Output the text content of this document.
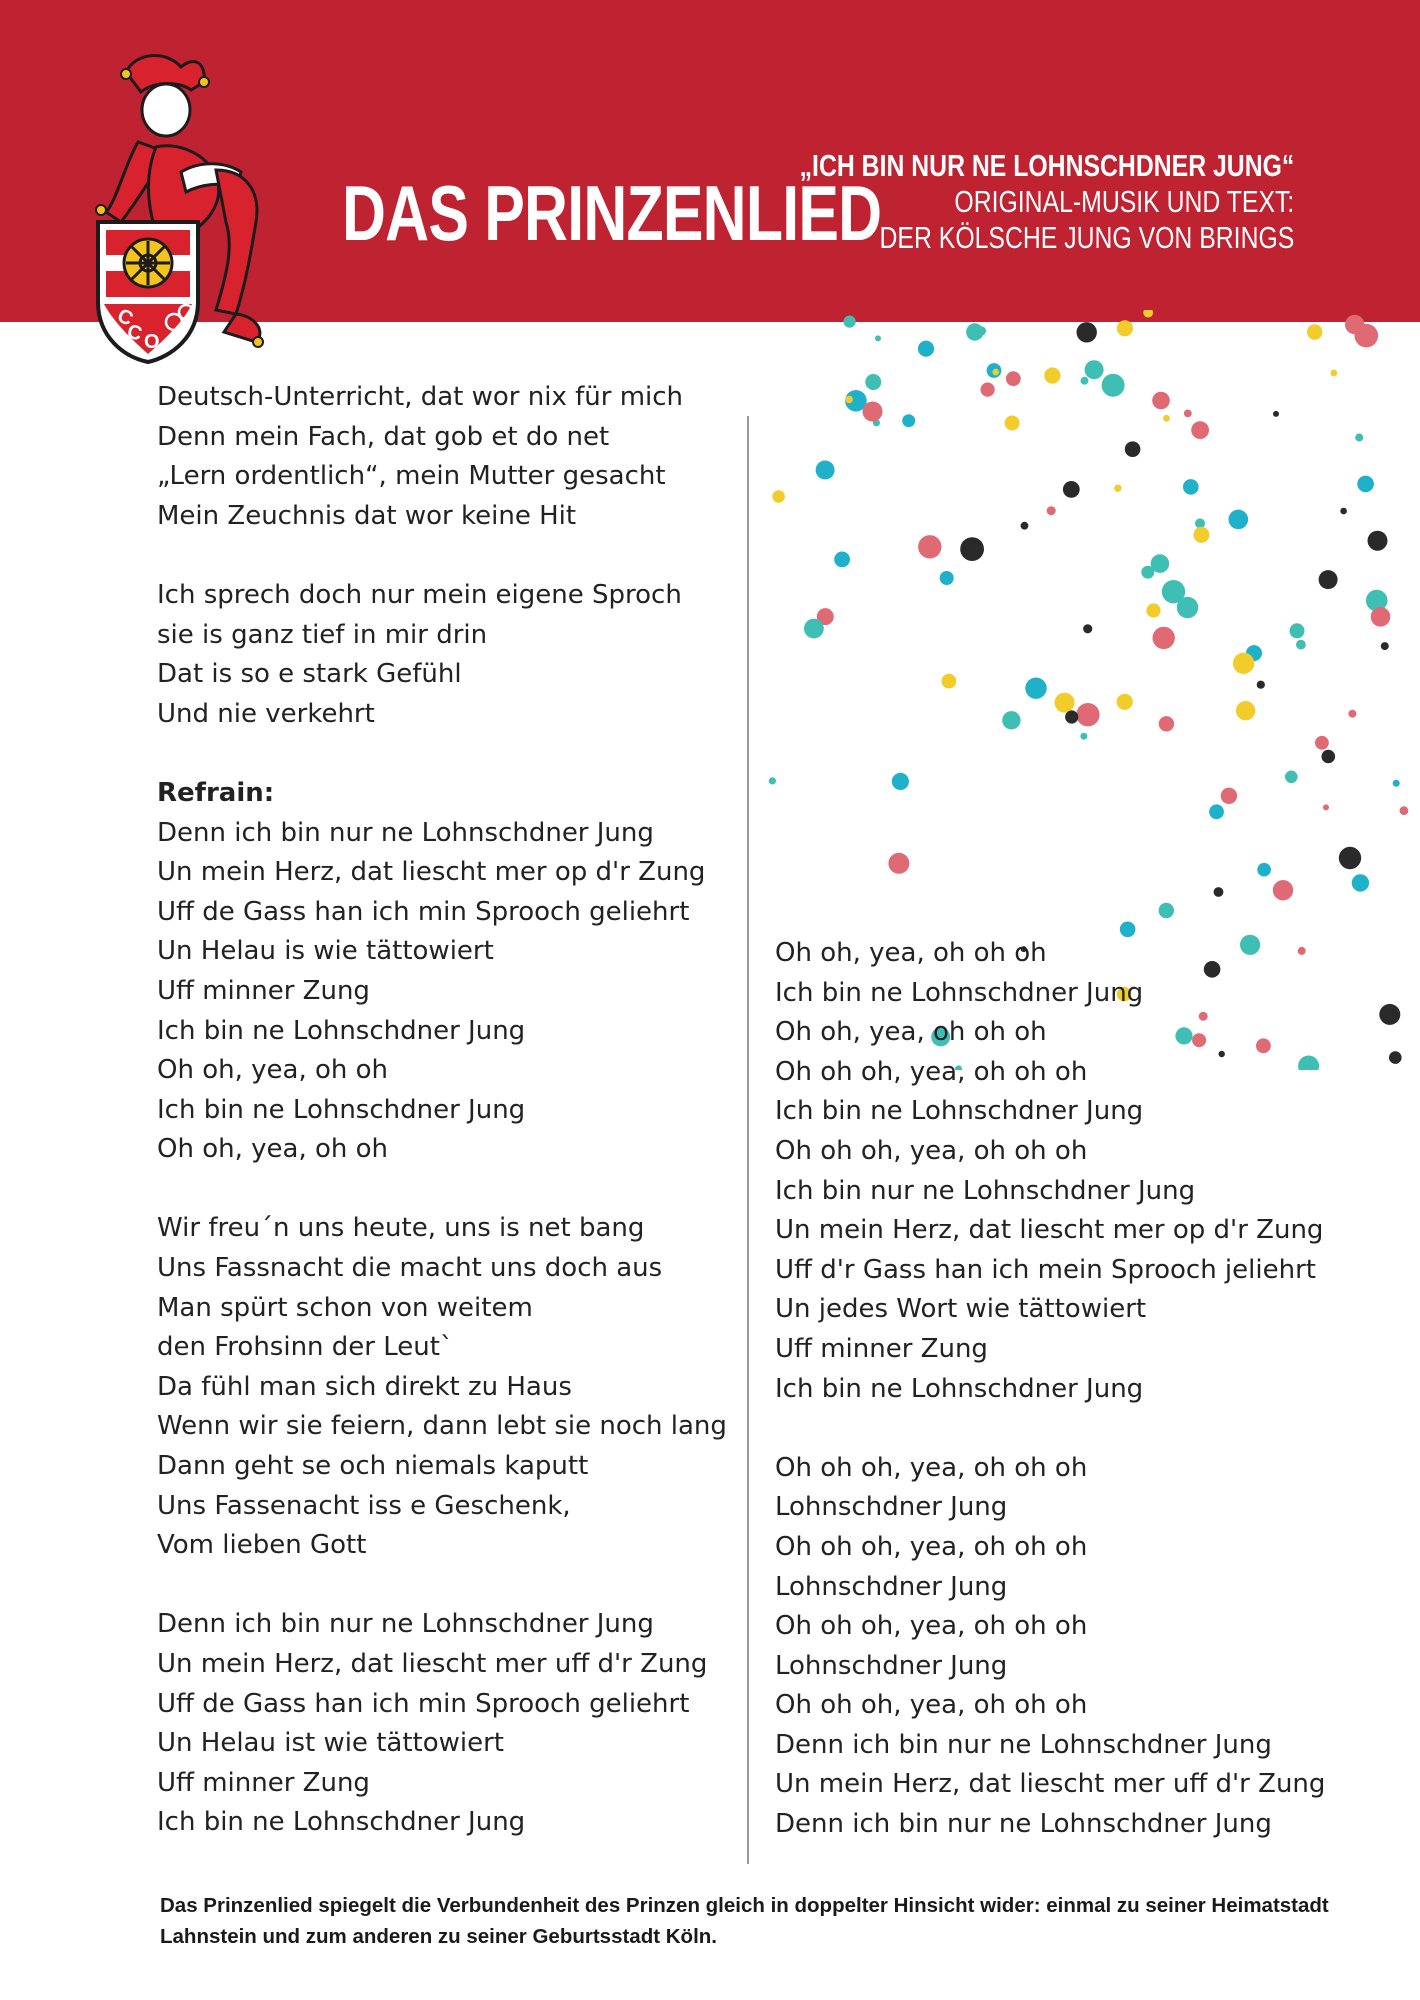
C
C O
DAS PRINZENLIED
„ICH BIN NUR NE LOHNSCHDNER JUNG“
ORIGINAL-MUSIK UND TEXT:
DER KÖLSCHE JUNG VON BRINGS

Deutsch-Unterricht, dat wor nix für mich

Denn mein Fach, dat gob et do net

„Lern ordentlich“, mein Mutter gesacht

Mein Zeuchnis dat wor keine Hit

Ich sprech doch nur mein eigene Sproch

sie is ganz tief in mir drin

Dat is so e stark Gefühl

Und nie verkehrt

Refrain:

Denn ich bin nur ne Lohnschdner Jung

Un mein Herz, dat liescht mer op d'r Zung

Uff de Gass han ich min Sprooch geliehrt

Un Helau is wie tättowiert

Uff minner Zung

Ich bin ne Lohnschdner Jung

Oh oh, yea, oh oh

Ich bin ne Lohnschdner Jung

Oh oh, yea, oh oh

Wir freu´n uns heute, uns is net bang

Uns Fassnacht die macht uns doch aus

Man spürt schon von weitem

den Frohsinn der Leut`

Da fühl man sich direkt zu Haus

Wenn wir sie feiern, dann lebt sie noch lang

Dann geht se och niemals kaputt

Uns Fassenacht iss e Geschenk,

Vom lieben Gott

Denn ich bin nur ne Lohnschdner Jung

Un mein Herz, dat liescht mer uff d'r Zung

Uff de Gass han ich min Sprooch geliehrt

Un Helau ist wie tättowiert

Uff minner Zung

Ich bin ne Lohnschdner Jung

Oh oh, yea, oh oh oh

Ich bin ne Lohnschdner Jung

Oh oh, yea, oh oh oh

Oh oh oh, yea, oh oh oh

Ich bin ne Lohnschdner Jung

Oh oh oh, yea, oh oh oh

Ich bin nur ne Lohnschdner Jung

Un mein Herz, dat liescht mer op d'r Zung

Uff d'r Gass han ich mein Sprooch jeliehrt

Un jedes Wort wie tättowiert

Uff minner Zung

Ich bin ne Lohnschdner Jung

Oh oh oh, yea, oh oh oh

Lohnschdner Jung

Oh oh oh, yea, oh oh oh

Lohnschdner Jung

Oh oh oh, yea, oh oh oh

Lohnschdner Jung

Oh oh oh, yea, oh oh oh

Denn ich bin nur ne Lohnschdner Jung

Un mein Herz, dat liescht mer uff d'r Zung

Denn ich bin nur ne Lohnschdner Jung

Das Prinzenlied spiegelt die Verbundenheit des Prinzen gleich in doppelter Hinsicht wider: einmal zu seiner Heimatstadt Lahnstein und zum anderen zu seiner Geburtsstadt Köln.
